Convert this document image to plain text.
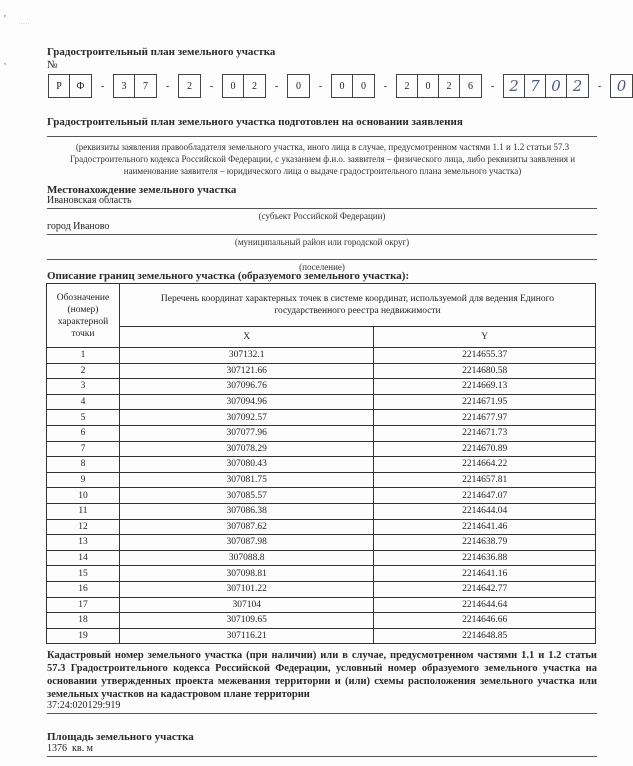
' ·····
,
Градостроительный план земельного участка
№
Р	Ф	-	3	7	-	2	-	0	2	-	0	-	0	0	-	2	0	2	6	-	2 7 0 2	-	0
Градостроительный план земельного участка подготовлен на основании заявления
(реквизиты заявления правообладателя земельного участка, иного лица в случае, предусмотренном частями 1.1 и 1.2 статьи 57.3 Градостроительного кодекса Российской Федерации, с указанием ф.и.о. заявителя – физического лица, либо реквизиты заявления и наименование заявителя – юридического лица о выдаче градостроительного плана земельного участка)
Местонахождение земельного участка
Ивановская область
(субъект Российской Федерации)
город Иваново
(муниципальный район или городской округ)
(поселение)
Описание границ земельного участка (образуемого земельного участка):
Обозначение (номер) характерной точки	Перечень координат характерных точек в системе координат, используемой для ведения Единого государственного реестра недвижимости	
	X	Y
1	307132.1	2214655.37
2	307121.66	2214680.58
3	307096.76	2214669.13
4	307094.96	2214671.95
5	307092.57	2214677.97
6	307077.96	2214671.73
7	307078.29	2214670.89
8	307080.43	2214664.22
9	307081.75	2214657.81
10	307085.57	2214647.07
11	307086.38	2214644.04
12	307087.62	2214641.46
13	307087.98	2214638.79
14	307088.8	2214636.88
15	307098.81	2214641.16
16	307101.22	2214642.77
17	307104	2214644.64
18	307109.65	2214646.66
19	307116.21	2214648.85
Кадастровый номер земельного участка (при наличии) или в случае, предусмотренном частями 1.1 и 1.2 статьи 57.3 Градостроительного кодекса Российской Федерации, условный номер образуемого земельного участка на основании утвержденных проекта межевания территории и (или) схемы расположения земельного участка или земельных участков на кадастровом плане территории
37:24:020129:919
Площадь земельного участка
1376  кв. м
